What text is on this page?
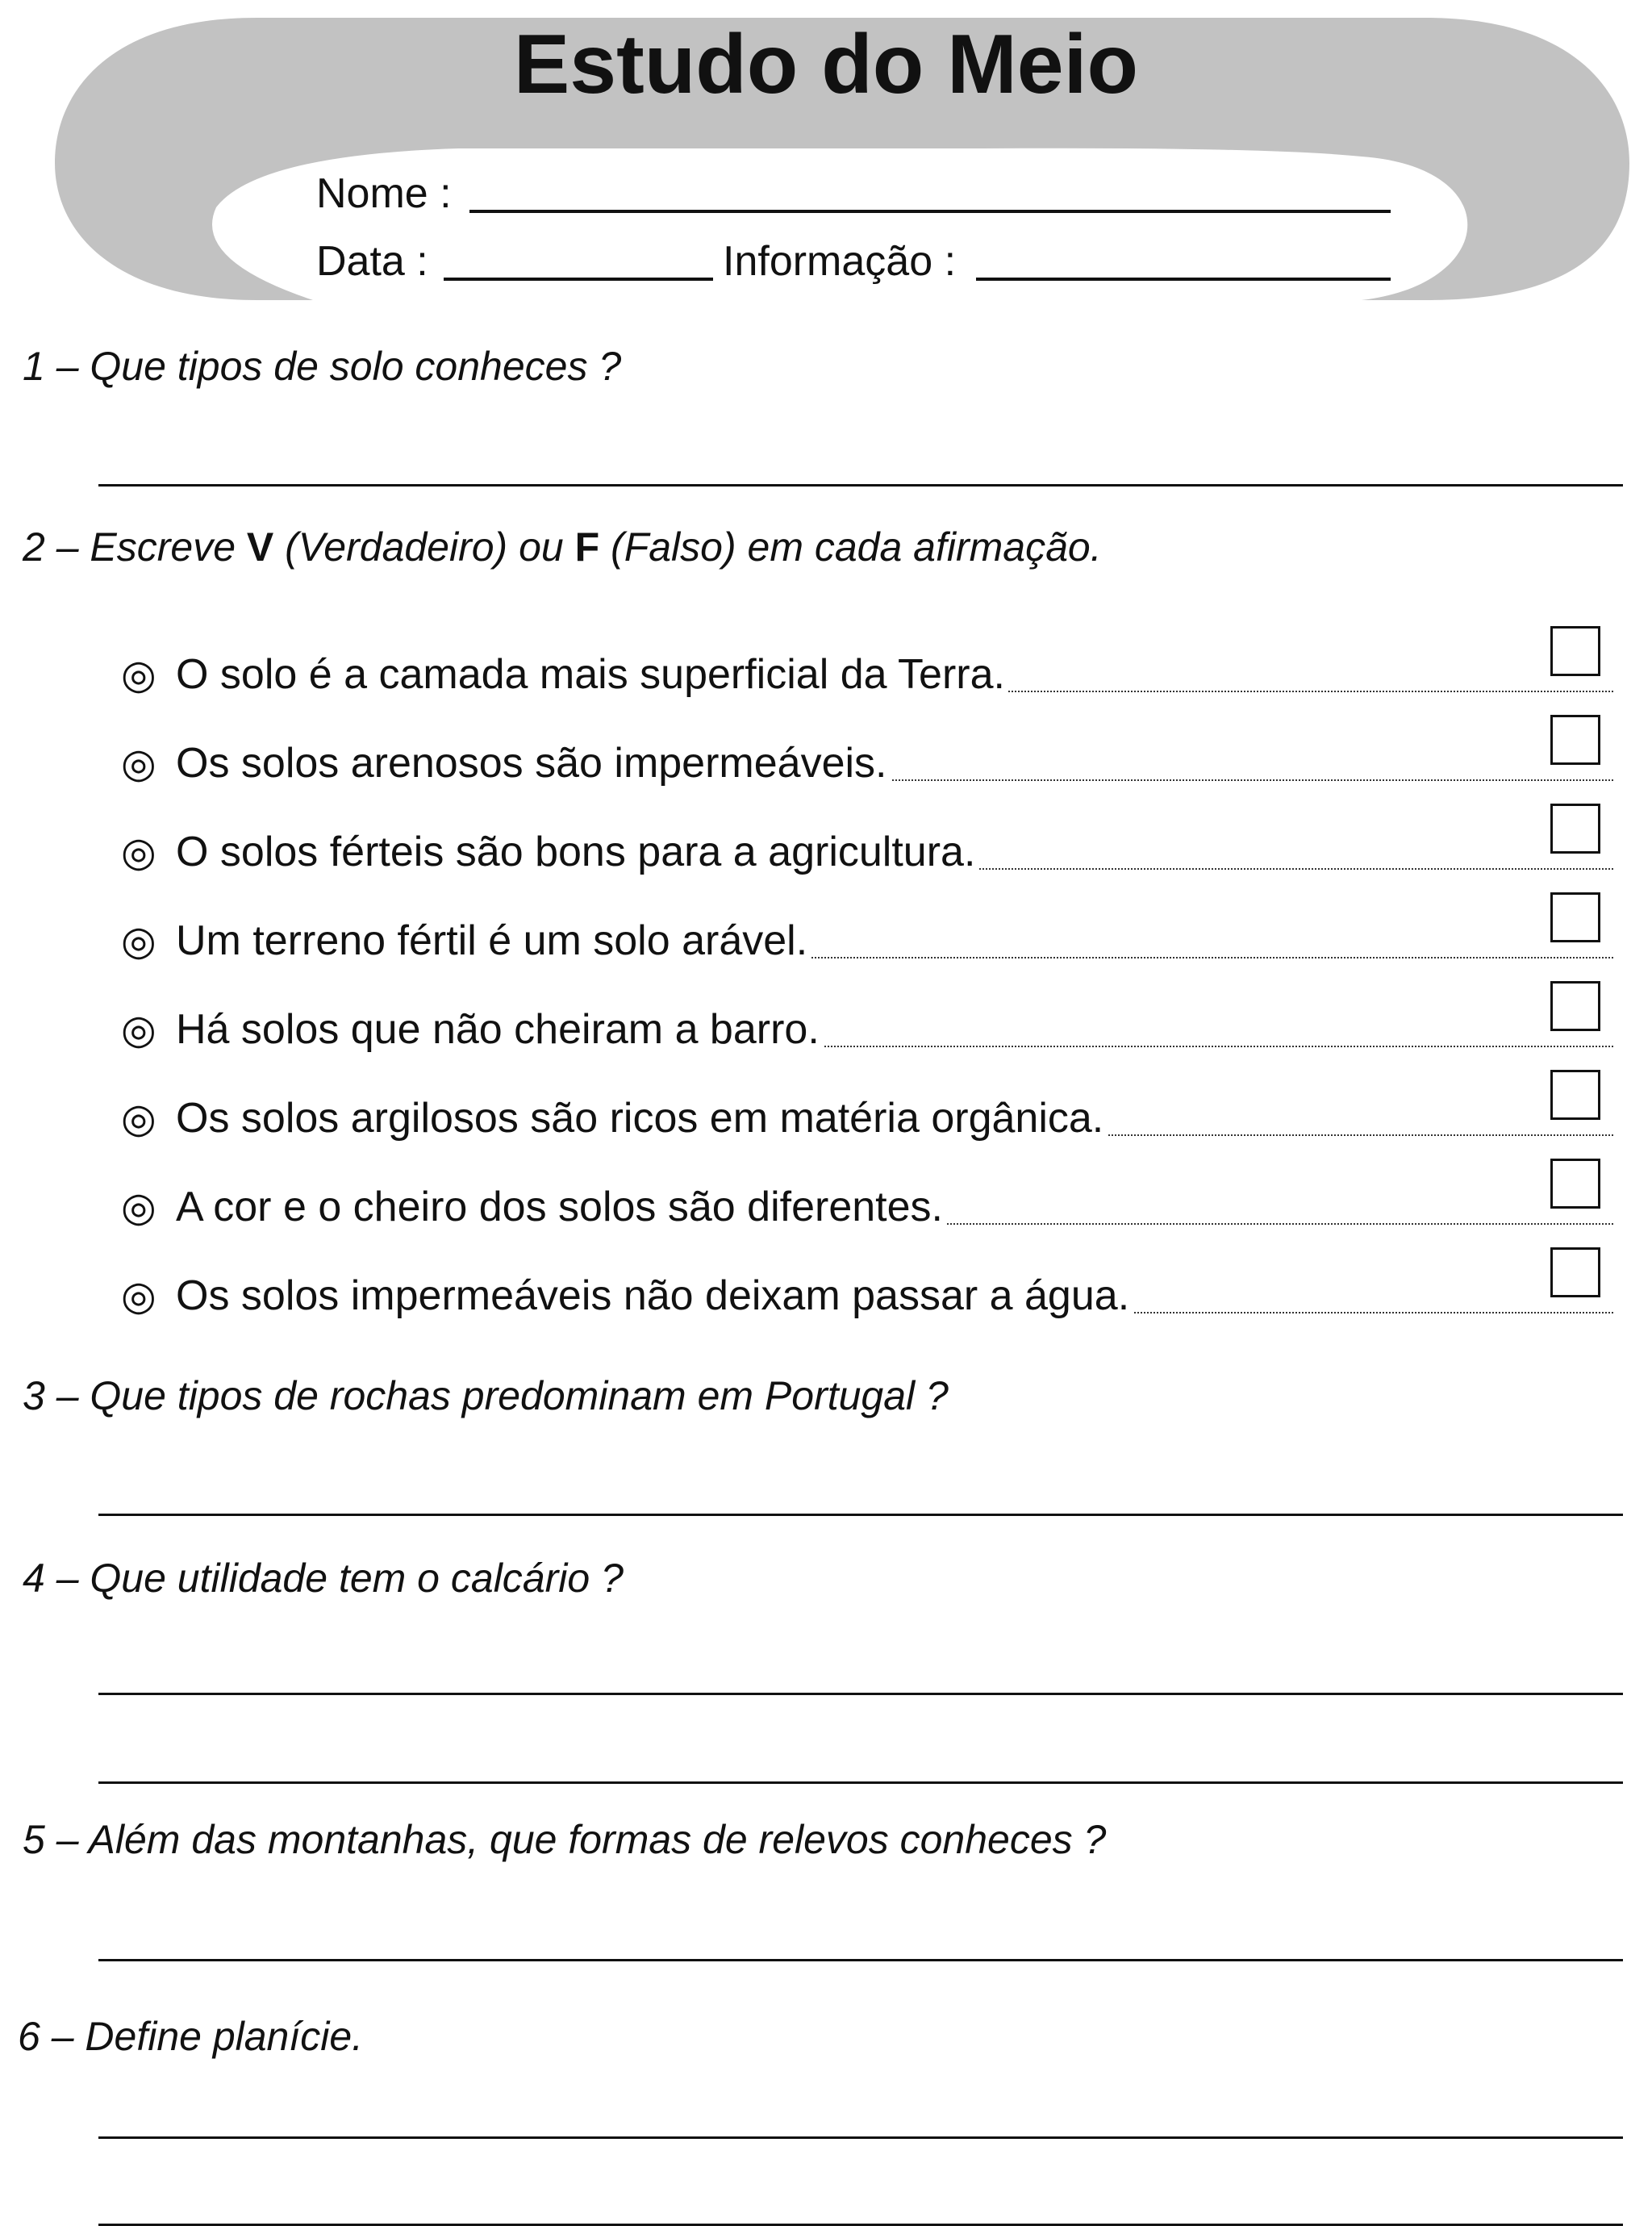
Estudo do Meio
Nome :
Data :	Informação :
1 – Que tipos de solo conheces ?
2 – Escreve V (Verdadeiro) ou F (Falso) em cada afirmação.
◎ O solo é a camada mais superficial da Terra.
◎ Os solos arenosos são impermeáveis.
◎ O solos férteis são bons para a agricultura.
◎ Um terreno fértil é um solo arável.
◎ Há solos que não cheiram a barro.
◎ Os solos argilosos são ricos em matéria orgânica.
◎ A cor e o cheiro dos solos são diferentes.
◎ Os solos impermeáveis não deixam passar a água.
3 – Que tipos de rochas predominam em Portugal ?
4 – Que utilidade tem o calcário ?
5 – Além das montanhas, que formas de relevos conheces ?
6 – Define planície.
